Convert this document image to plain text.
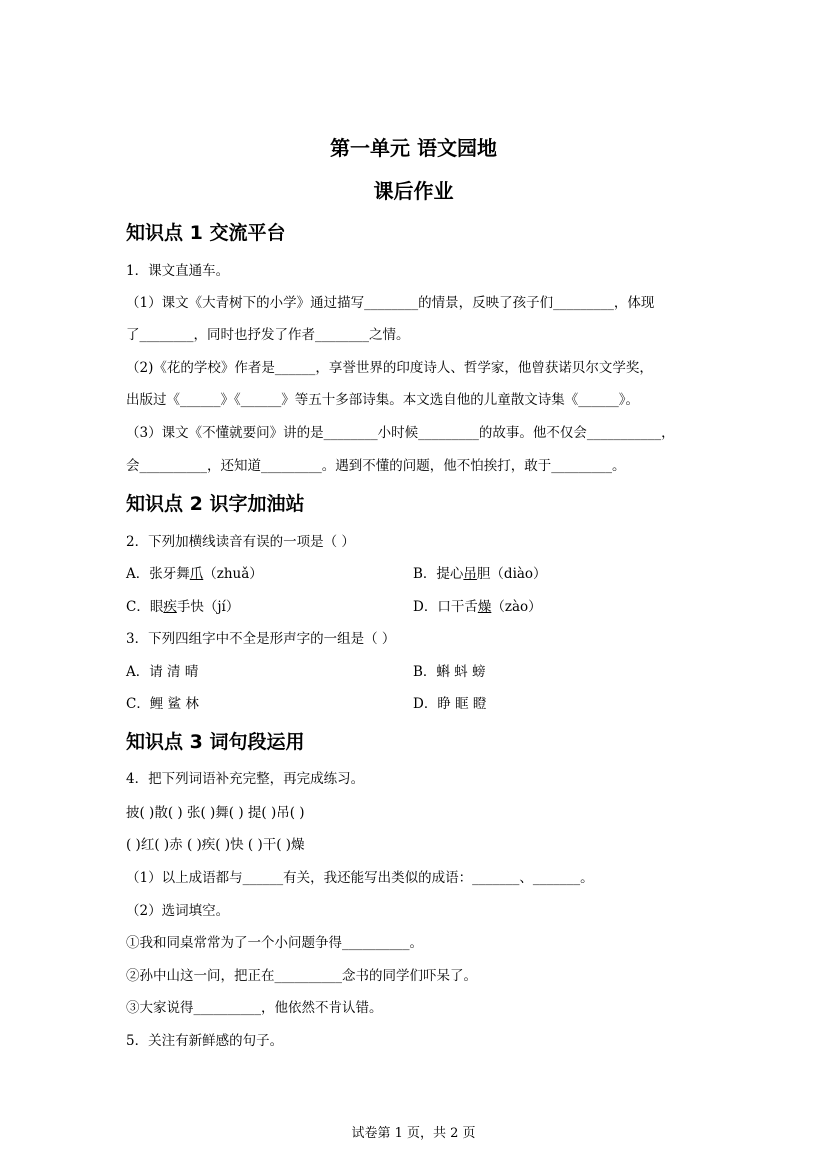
第一单元 语文园地
课后作业
知识点 1 交流平台
1．课文直通车。
（1）课文《大青树下的小学》通过描写________的情景，反映了孩子们_________，体现
了________，同时也抒发了作者________之情。
（2)《花的学校》作者是______，享誉世界的印度诗人、哲学家，他曾获诺贝尔文学奖，
出版过《______》《______》等五十多部诗集。本文选自他的儿童散文诗集《______》。
（3）课文《不懂就要问》讲的是________小时候_________的故事。他不仅会___________，
会__________，还知道_________。遇到不懂的问题，他不怕挨打，敢于_________。
知识点 2 识字加油站
2．下列加横线读音有误的一项是（ ）
A．张牙舞爪（zhuǎ）	B．提心吊胆（diào）
C．眼疾手快（jí）	D．口干舌燥（zào）
3．下列四组字中不全是形声字的一组是（ ）
A．请 清 晴	B．蝌 蚪 螃
C．鲤 鲨 林	D．睁 眶 瞪
知识点 3 词句段运用
4．把下列词语补充完整，再完成练习。
披( )散( ) 张( )舞( ) 提( )吊( )
( )红( )赤 ( )疾( )快 ( )干( )燥
（1）以上成语都与______有关，我还能写出类似的成语：_______、_______。
（2）选词填空。
①我和同桌常常为了一个小问题争得__________。
②孙中山这一问，把正在__________念书的同学们吓呆了。
③大家说得__________，他依然不肯认错。
5．关注有新鲜感的句子。
试卷第 1 页，共 2 页
